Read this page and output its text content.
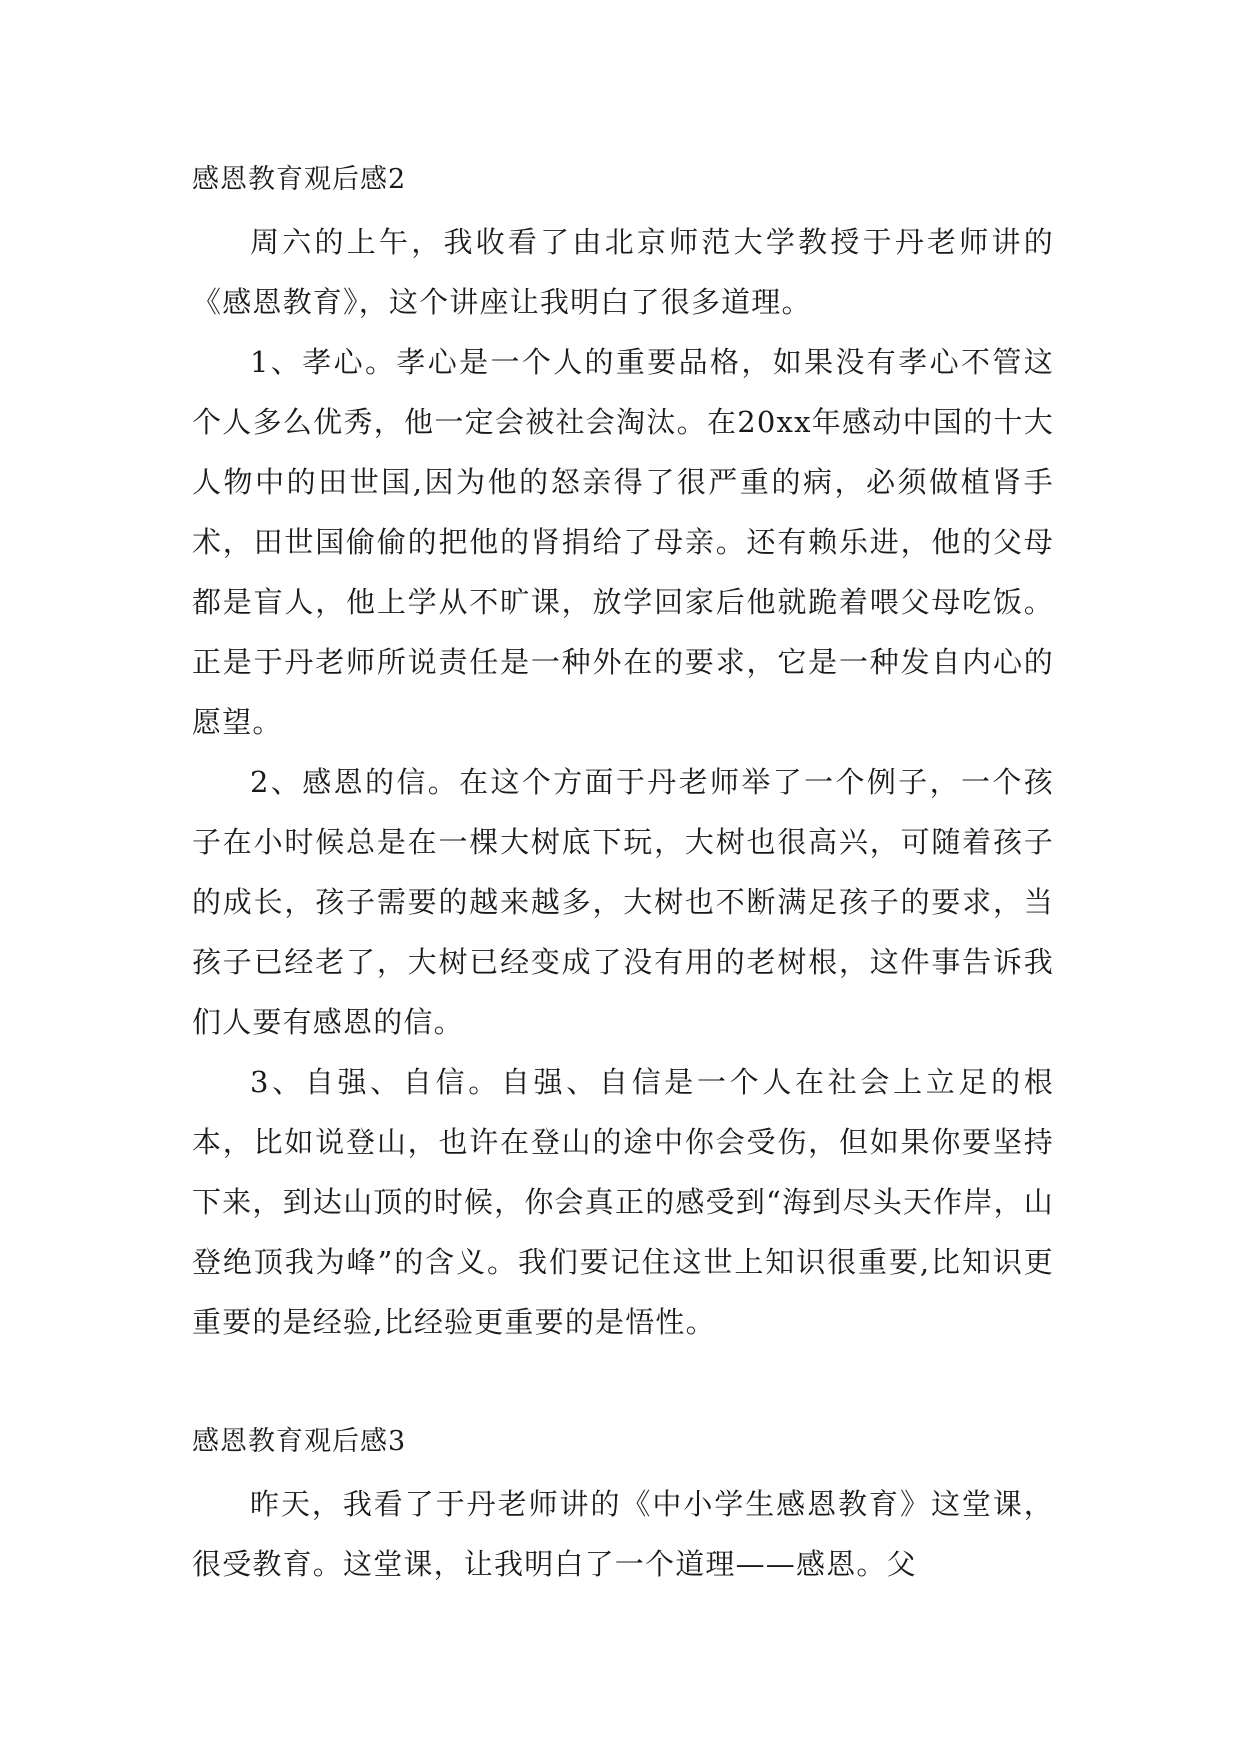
感恩教育观后感2

周六的上午，我收看了由北京师范大学教授于丹老师讲的《感恩教育》，这个讲座让我明白了很多道理。

1、孝心。孝心是一个人的重要品格，如果没有孝心不管这个人多么优秀，他一定会被社会淘汰。在20xx年感动中国的十大人物中的田世国,因为他的怒亲得了很严重的病，必须做植肾手术，田世国偷偷的把他的肾捐给了母亲。还有赖乐进，他的父母都是盲人，他上学从不旷课，放学回家后他就跪着喂父母吃饭。正是于丹老师所说责任是一种外在的要求，它是一种发自内心的愿望。

2、感恩的信。在这个方面于丹老师举了一个例子，一个孩子在小时候总是在一棵大树底下玩，大树也很高兴，可随着孩子的成长，孩子需要的越来越多，大树也不断满足孩子的要求，当孩子已经老了，大树已经变成了没有用的老树根，这件事告诉我们人要有感恩的信。

3、自强、自信。自强、自信是一个人在社会上立足的根本，比如说登山，也许在登山的途中你会受伤，但如果你要坚持下来，到达山顶的时候，你会真正的感受到“海到尽头天作岸，山登绝顶我为峰”的含义。我们要记住这世上知识很重要,比知识更重要的是经验,比经验更重要的是悟性。

感恩教育观后感3

昨天，我看了于丹老师讲的《中小学生感恩教育》这堂课，很受教育。这堂课，让我明白了一个道理——感恩。父
